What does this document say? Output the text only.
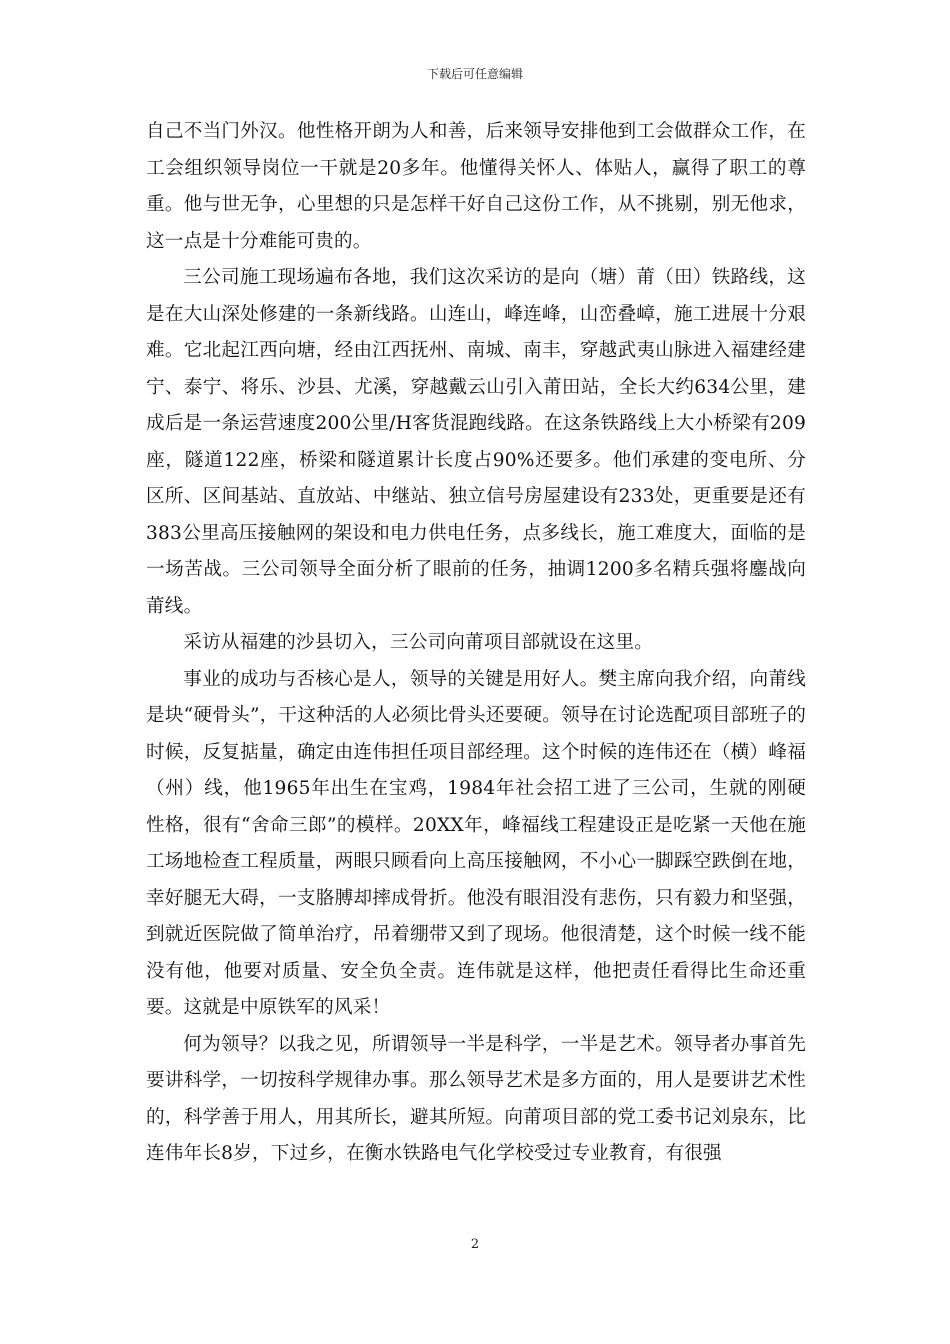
下载后可任意编辑

自己不当门外汉。他性格开朗为人和善，后来领导安排他到工会做群众工作，在工会组织领导岗位一干就是20多年。他懂得关怀人、体贴人，赢得了职工的尊重。他与世无争，心里想的只是怎样干好自己这份工作，从不挑剔，别无他求，这一点是十分难能可贵的。

三公司施工现场遍布各地，我们这次采访的是向（塘）莆（田）铁路线，这是在大山深处修建的一条新线路。山连山，峰连峰，山峦叠嶂，施工进展十分艰难。它北起江西向塘，经由江西抚州、南城、南丰，穿越武夷山脉进入福建经建宁、泰宁、将乐、沙县、尤溪，穿越戴云山引入莆田站，全长大约634公里，建成后是一条运营速度200公里/H客货混跑线路。在这条铁路线上大小桥梁有209座，隧道122座，桥梁和隧道累计长度占90%还要多。他们承建的变电所、分区所、区间基站、直放站、中继站、独立信号房屋建设有233处，更重要是还有383公里高压接触网的架设和电力供电任务，点多线长，施工难度大，面临的是一场苦战。三公司领导全面分析了眼前的任务，抽调1200多名精兵强将鏖战向莆线。

采访从福建的沙县切入，三公司向莆项目部就设在这里。

事业的成功与否核心是人，领导的关键是用好人。樊主席向我介绍，向莆线是块“硬骨头”，干这种活的人必须比骨头还要硬。领导在讨论选配项目部班子的时候，反复掂量，确定由连伟担任项目部经理。这个时候的连伟还在（横）峰福（州）线，他1965年出生在宝鸡，1984年社会招工进了三公司，生就的刚硬性格，很有“舍命三郎”的模样。20XX年，峰福线工程建设正是吃紧一天他在施工场地检查工程质量，两眼只顾看向上高压接触网，不小心一脚踩空跌倒在地，幸好腿无大碍，一支胳膊却摔成骨折。他没有眼泪没有悲伤，只有毅力和坚强，到就近医院做了简单治疗，吊着绷带又到了现场。他很清楚，这个时候一线不能没有他，他要对质量、安全负全责。连伟就是这样，他把责任看得比生命还重要。这就是中原铁军的风采！

何为领导？以我之见，所谓领导一半是科学，一半是艺术。领导者办事首先要讲科学，一切按科学规律办事。那么领导艺术是多方面的，用人是要讲艺术性的，科学善于用人，用其所长，避其所短。向莆项目部的党工委书记刘泉东，比连伟年长8岁，下过乡，在衡水铁路电气化学校受过专业教育，有很强

2
